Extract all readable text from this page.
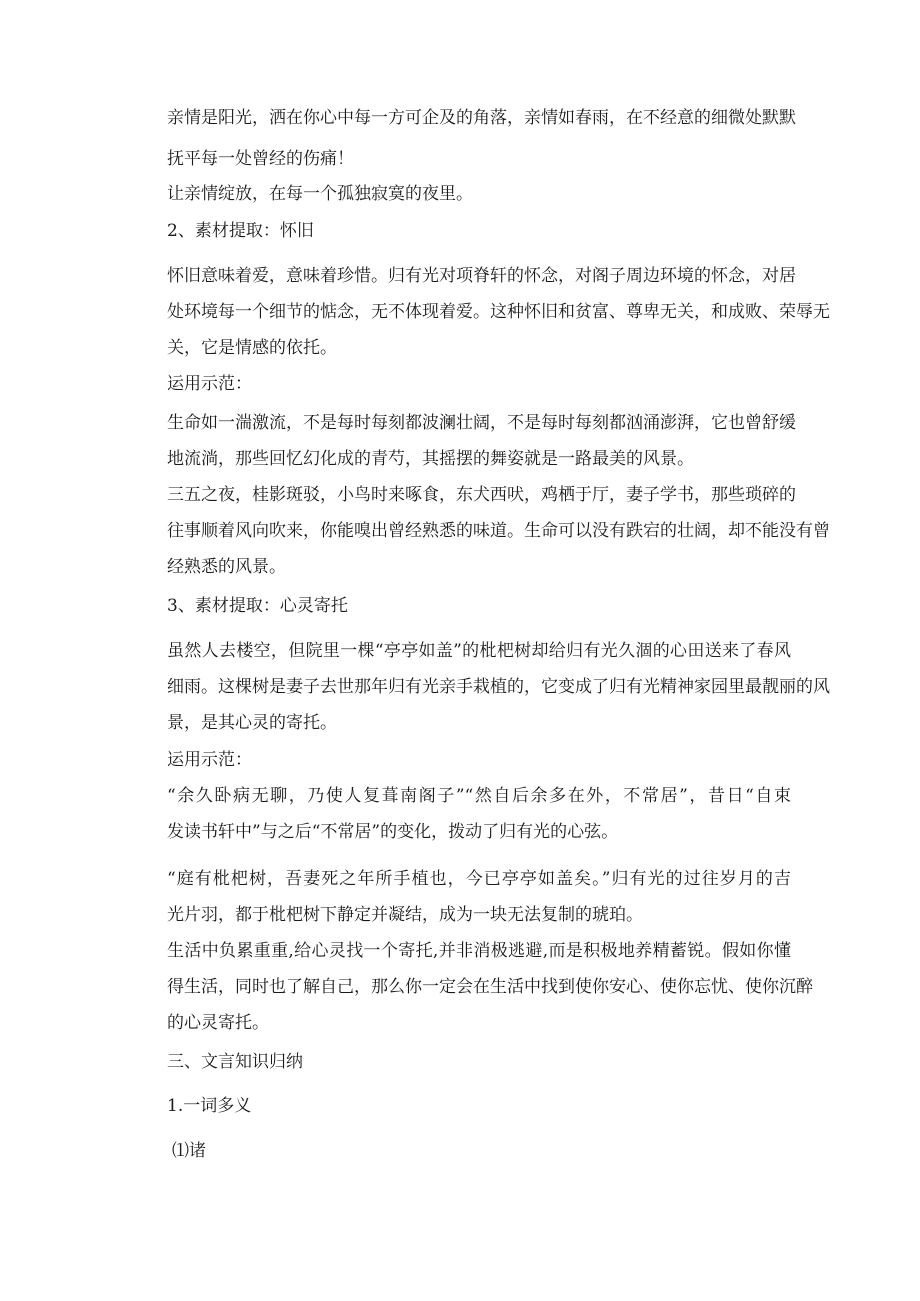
亲情是阳光，洒在你心中每一方可企及的角落，亲情如春雨，在不经意的细微处默默
抚平每一处曾经的伤痛！
让亲情绽放，在每一个孤独寂寞的夜里。
2、素材提取：怀旧
怀旧意味着爱，意味着珍惜。归有光对项脊轩的怀念，对阁子周边环境的怀念，对居
处环境每一个细节的惦念，无不体现着爱。这种怀旧和贫富、尊卑无关，和成败、荣辱无
关，它是情感的依托。
运用示范：
生命如一湍激流，不是每时每刻都波澜壮阔，不是每时每刻都汹涌澎湃，它也曾舒缓
地流淌，那些回忆幻化成的青芍，其摇摆的舞姿就是一路最美的风景。
三五之夜，桂影斑驳，小鸟时来啄食，东犬西吠，鸡栖于厅，妻子学书，那些琐碎的
往事顺着风向吹来，你能嗅出曾经熟悉的味道。生命可以没有跌宕的壮阔，却不能没有曾
经熟悉的风景。
3、素材提取：心灵寄托
虽然人去楼空，但院里一棵“亭亭如盖”的枇杷树却给归有光久涸的心田送来了春风
细雨。这棵树是妻子去世那年归有光亲手栽植的，它变成了归有光精神家园里最靓丽的风
景，是其心灵的寄托。
运用示范：
“余久卧病无聊，乃使人复葺南阁子”“然自后余多在外，不常居”，昔日“自束
发读书轩中”与之后“不常居”的变化，拨动了归有光的心弦。
“庭有枇杷树，吾妻死之年所手植也，今已亭亭如盖矣。”归有光的过往岁月的吉
光片羽，都于枇杷树下静定并凝结，成为一块无法复制的琥珀。
生活中负累重重,给心灵找一个寄托,并非消极逃避,而是积极地养精蓄锐。假如你懂
得生活，同时也了解自己，那么你一定会在生活中找到使你安心、使你忘忧、使你沉醉
的心灵寄托。
三、文言知识归纳
1.一词多义
⑴诸
